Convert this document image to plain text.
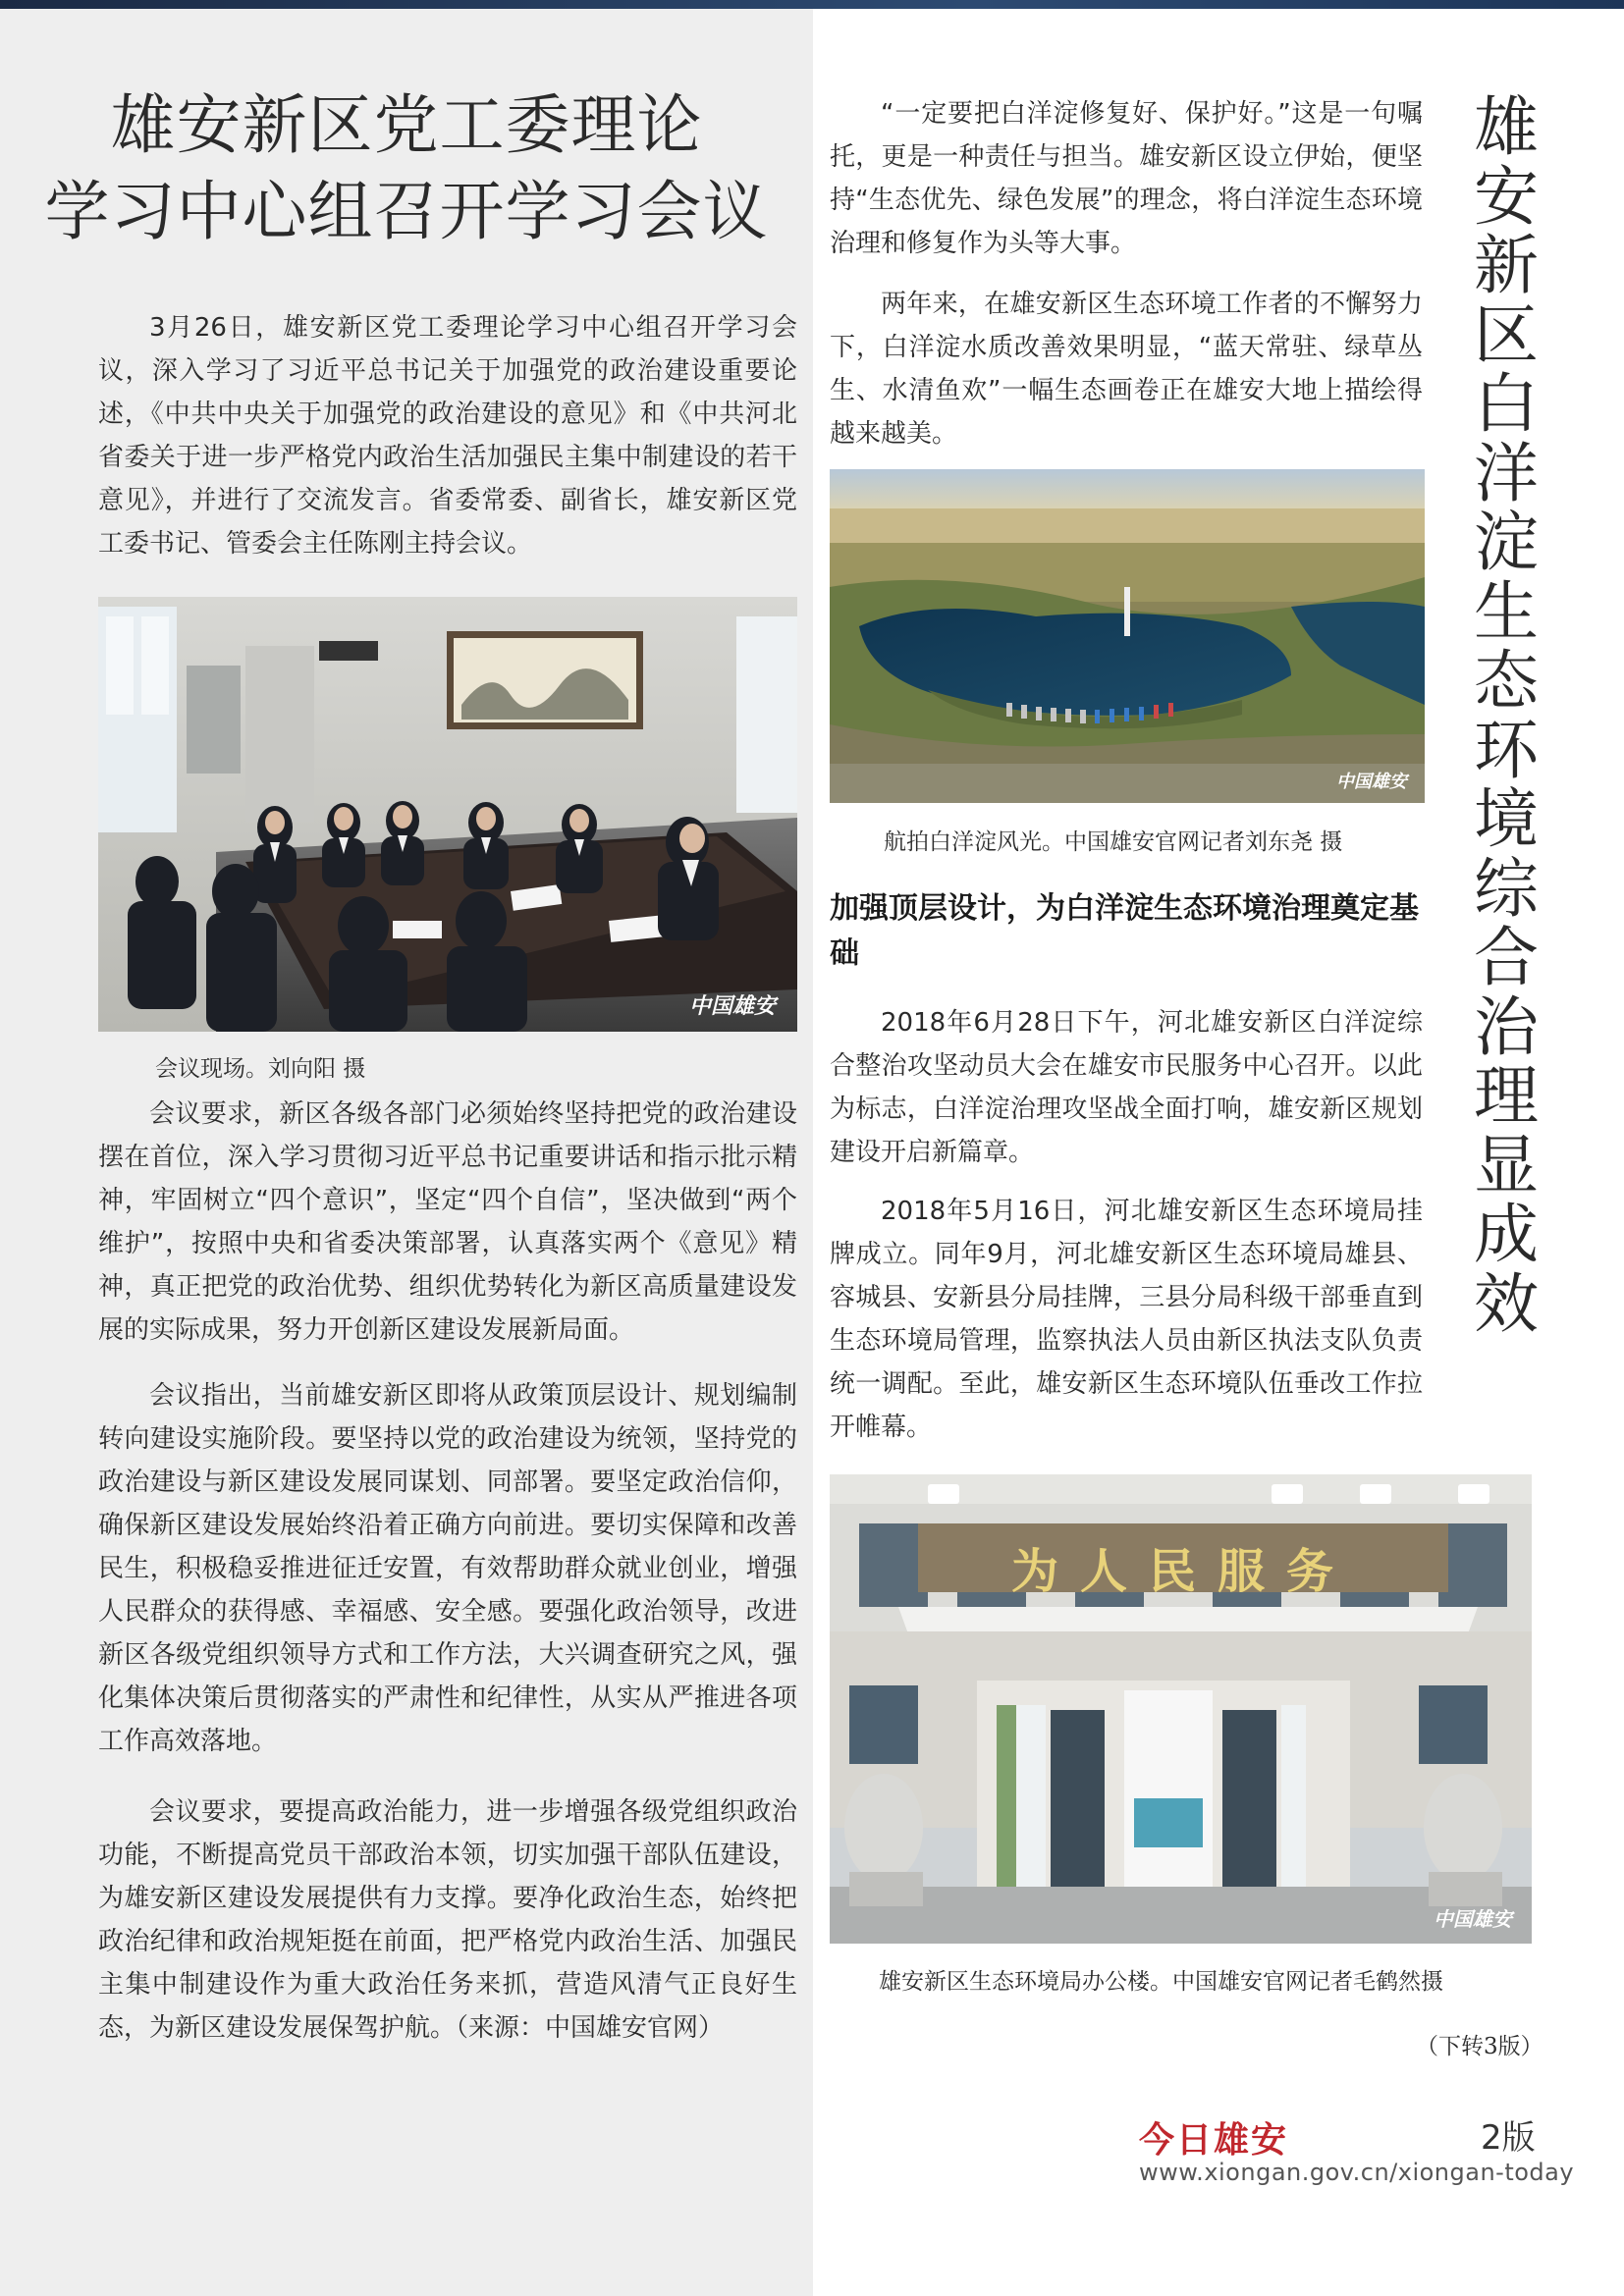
雄安新区党工委理论
学习中心组召开学习会议

3月26日，雄安新区党工委理论学习中心组召开学习会议，深入学习了习近平总书记关于加强党的政治建设重要论述，《中共中央关于加强党的政治建设的意见》和《中共河北省委关于进一步严格党内政治生活加强民主集中制建设的若干意见》，并进行了交流发言。省委常委、副省长，雄安新区党工委书记、管委会主任陈刚主持会议。

中国雄安

会议现场。刘向阳 摄

会议要求，新区各级各部门必须始终坚持把党的政治建设摆在首位，深入学习贯彻习近平总书记重要讲话和指示批示精神，牢固树立“四个意识”，坚定“四个自信”，坚决做到“两个维护”，按照中央和省委决策部署，认真落实两个《意见》精神，真正把党的政治优势、组织优势转化为新区高质量建设发展的实际成果，努力开创新区建设发展新局面。

会议指出，当前雄安新区即将从政策顶层设计、规划编制转向建设实施阶段。要坚持以党的政治建设为统领，坚持党的政治建设与新区建设发展同谋划、同部署。要坚定政治信仰，确保新区建设发展始终沿着正确方向前进。要切实保障和改善民生，积极稳妥推进征迁安置，有效帮助群众就业创业，增强人民群众的获得感、幸福感、安全感。要强化政治领导，改进新区各级党组织领导方式和工作方法，大兴调查研究之风，强化集体决策后贯彻落实的严肃性和纪律性，从实从严推进各项工作高效落地。

会议要求，要提高政治能力，进一步增强各级党组织政治功能，不断提高党员干部政治本领，切实加强干部队伍建设，为雄安新区建设发展提供有力支撑。要净化政治生态，始终把政治纪律和政治规矩挺在前面，把严格党内政治生活、加强民主集中制建设作为重大政治任务来抓，营造风清气正良好生态，为新区建设发展保驾护航。（来源：中国雄安官网）

“一定要把白洋淀修复好、保护好。”这是一句嘱托，更是一种责任与担当。雄安新区设立伊始，便坚持“生态优先、绿色发展”的理念，将白洋淀生态环境治理和修复作为头等大事。

两年来，在雄安新区生态环境工作者的不懈努力下，白洋淀水质改善效果明显，“蓝天常驻、绿草丛生、水清鱼欢”一幅生态画卷正在雄安大地上描绘得越来越美。

中国雄安

航拍白洋淀风光。中国雄安官网记者刘东尧 摄

加强顶层设计，为白洋淀生态环境治理奠定基础

2018年6月28日下午，河北雄安新区白洋淀综合整治攻坚动员大会在雄安市民服务中心召开。以此为标志，白洋淀治理攻坚战全面打响，雄安新区规划建设开启新篇章。

2018年5月16日，河北雄安新区生态环境局挂牌成立。同年9月，河北雄安新区生态环境局雄县、容城县、安新县分局挂牌，三县分局科级干部垂直到生态环境局管理，监察执法人员由新区执法支队负责统一调配。至此，雄安新区生态环境队伍垂改工作拉开帷幕。

为人民服务
中国雄安

雄安新区生态环境局办公楼。中国雄安官网记者毛鹤然摄

（下转3版）
雄安新区白洋淀生态环境综合治理显成效
今日雄安	2版
www.xiongan.gov.cn/xiongan-today
